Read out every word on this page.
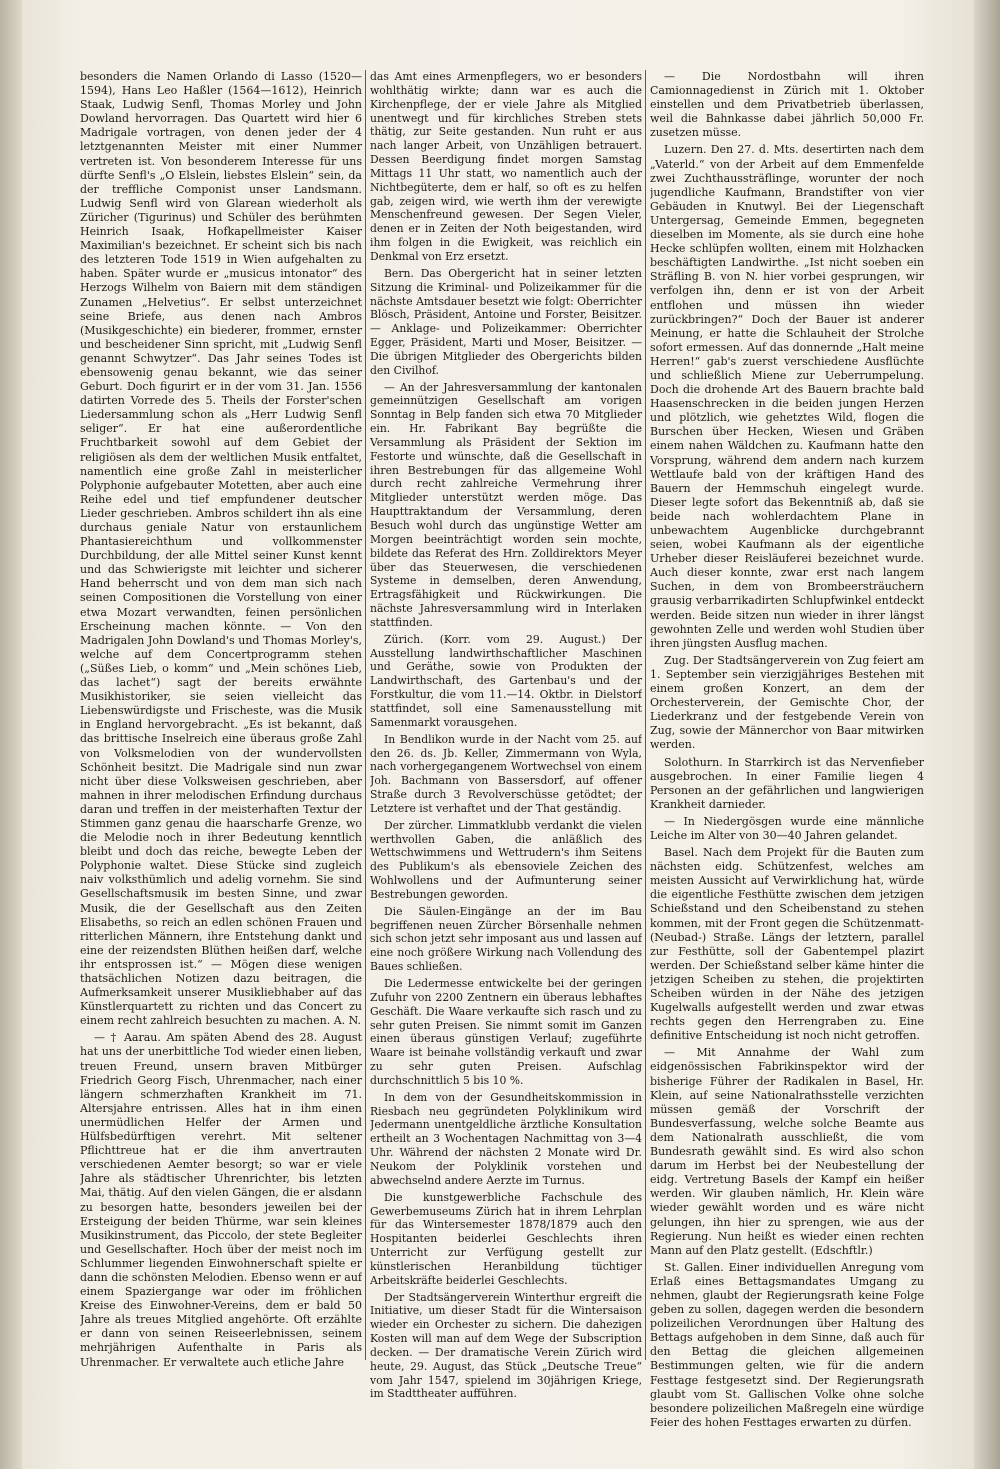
besonders die Namen Orlando di Lasso (1520—1594), Hans Leo Haßler (1564—1612), Heinrich Staak, Ludwig Senfl, Thomas Morley und John Dowland hervorragen. Das Quartett wird hier 6 Madrigale vortragen, von denen jeder der 4 letztgenannten Meister mit einer Nummer vertreten ist. Von besonderem Interesse für uns dürfte Senfl's „O Elslein, liebstes Elslein“ sein, da der treffliche Componist unser Landsmann. Ludwig Senfl wird von Glarean wiederholt als Züricher (Tigurinus) und Schüler des berühmten Heinrich Isaak, Hofkapellmeister Kaiser Maximilian's bezeichnet. Er scheint sich bis nach des letzteren Tode 1519 in Wien aufgehalten zu haben. Später wurde er „musicus intonator“ des Herzogs Wilhelm von Baiern mit dem ständigen Zunamen „Helvetius“. Er selbst unterzeichnet seine Briefe, aus denen nach Ambros (Musikgeschichte) ein biederer, frommer, ernster und bescheidener Sinn spricht, mit „Ludwig Senfl genannt Schwytzer“. Das Jahr seines Todes ist ebensowenig genau bekannt, wie das seiner Geburt. Doch figurirt er in der vom 31. Jan. 1556 datirten Vorrede des 5. Theils der Forster'schen Liedersammlung schon als „Herr Ludwig Senfl seliger“. Er hat eine außerordentliche Fruchtbarkeit sowohl auf dem Gebiet der religiösen als dem der weltlichen Musik entfaltet, namentlich eine große Zahl in meisterlicher Polyphonie aufgebauter Motetten, aber auch eine Reihe edel und tief empfundener deutscher Lieder geschrieben. Ambros schildert ihn als eine durchaus geniale Natur von erstaunlichem Phantasiereichthum und vollkommenster Durchbildung, der alle Mittel seiner Kunst kennt und das Schwierigste mit leichter und sicherer Hand beherrscht und von dem man sich nach seinen Compositionen die Vorstellung von einer etwa Mozart verwandten, feinen persönlichen Erscheinung machen könnte. — Von den Madrigalen John Dowland's und Thomas Morley's, welche auf dem Concertprogramm stehen („Süßes Lieb, o komm“ und „Mein schönes Lieb, das lachet“) sagt der bereits erwähnte Musikhistoriker, sie seien vielleicht das Liebenswürdigste und Frischeste, was die Musik in England hervorgebracht. „Es ist bekannt, daß das brittische Inselreich eine überaus große Zahl von Volksmelodien von der wundervollsten Schönheit besitzt. Die Madrigale sind nun zwar nicht über diese Volksweisen geschrieben, aber mahnen in ihrer melodischen Erfindung durchaus daran und treffen in der meisterhaften Textur der Stimmen ganz genau die haarscharfe Grenze, wo die Melodie noch in ihrer Bedeutung kenntlich bleibt und doch das reiche, bewegte Leben der Polyphonie waltet. Diese Stücke sind zugleich naiv volksthümlich und adelig vornehm. Sie sind Gesellschaftsmusik im besten Sinne, und zwar Musik, die der Gesellschaft aus den Zeiten Elisabeths, so reich an edlen schönen Frauen und ritterlichen Männern, ihre Entstehung dankt und eine der reizendsten Blüthen heißen darf, welche ihr entsprossen ist.“ — Mögen diese wenigen thatsächlichen Notizen dazu beitragen, die Aufmerksamkeit unserer Musikliebhaber auf das Künstlerquartett zu richten und das Concert zu einem recht zahlreich besuchten zu machen. A. N.

— † Aarau. Am späten Abend des 28. August hat uns der unerbittliche Tod wieder einen lieben, treuen Freund, unsern braven Mitbürger Friedrich Georg Fisch, Uhrenmacher, nach einer längern schmerzhaften Krankheit im 71. Altersjahre entrissen. Alles hat in ihm einen unermüdlichen Helfer der Armen und Hülfsbedürftigen verehrt. Mit seltener Pflichttreue hat er die ihm anvertrauten verschiedenen Aemter besorgt; so war er viele Jahre als städtischer Uhrenrichter, bis letzten Mai, thätig. Auf den vielen Gängen, die er alsdann zu besorgen hatte, besonders jeweilen bei der Ersteigung der beiden Thürme, war sein kleines Musikinstrument, das Piccolo, der stete Begleiter und Gesellschafter. Hoch über der meist noch im Schlummer liegenden Einwohnerschaft spielte er dann die schönsten Melodien. Ebenso wenn er auf einem Spaziergange war oder im fröhlichen Kreise des Einwohner-Vereins, dem er bald 50 Jahre als treues Mitglied angehörte. Oft erzählte er dann von seinen Reiseerlebnissen, seinem mehrjährigen Aufenthalte in Paris als Uhrenmacher. Er verwaltete auch etliche Jahre

das Amt eines Armenpflegers, wo er besonders wohlthätig wirkte; dann war es auch die Kirchenpflege, der er viele Jahre als Mitglied unentwegt und für kirchliches Streben stets thätig, zur Seite gestanden. Nun ruht er aus nach langer Arbeit, von Unzähligen betrauert. Dessen Beerdigung findet morgen Samstag Mittags 11 Uhr statt, wo namentlich auch der Nichtbegüterte, dem er half, so oft es zu helfen gab, zeigen wird, wie werth ihm der verewigte Menschenfreund gewesen. Der Segen Vieler, denen er in Zeiten der Noth beigestanden, wird ihm folgen in die Ewigkeit, was reichlich ein Denkmal von Erz ersetzt.

Bern. Das Obergericht hat in seiner letzten Sitzung die Kriminal- und Polizeikammer für die nächste Amtsdauer besetzt wie folgt: Oberrichter Blösch, Präsident, Antoine und Forster, Beisitzer. — Anklage- und Polizeikammer: Oberrichter Egger, Präsident, Marti und Moser, Beisitzer. — Die übrigen Mitglieder des Obergerichts bilden den Civilhof.

— An der Jahresversammlung der kantonalen gemeinnützigen Gesellschaft am vorigen Sonntag in Belp fanden sich etwa 70 Mitglieder ein. Hr. Fabrikant Bay begrüßte die Versammlung als Präsident der Sektion im Festorte und wünschte, daß die Gesellschaft in ihren Bestrebungen für das allgemeine Wohl durch recht zahlreiche Vermehrung ihrer Mitglieder unterstützt werden möge. Das Haupttraktandum der Versammlung, deren Besuch wohl durch das ungünstige Wetter am Morgen beeinträchtigt worden sein mochte, bildete das Referat des Hrn. Zolldirektors Meyer über das Steuerwesen, die verschiedenen Systeme in demselben, deren Anwendung, Ertragsfähigkeit und Rückwirkungen. Die nächste Jahresversammlung wird in Interlaken stattfinden.

Zürich. (Korr. vom 29. August.) Der Ausstellung landwirthschaftlicher Maschinen und Geräthe, sowie von Produkten der Landwirthschaft, des Gartenbau's und der Forstkultur, die vom 11.—14. Oktbr. in Dielstorf stattfindet, soll eine Samenausstellung mit Samenmarkt vorausgehen.

In Bendlikon wurde in der Nacht vom 25. auf den 26. ds. Jb. Keller, Zimmermann von Wyla, nach vorhergegangenem Wortwechsel von einem Joh. Bachmann von Bassersdorf, auf offener Straße durch 3 Revolverschüsse getödtet; der Letztere ist verhaftet und der That geständig.

Der zürcher. Limmatklubb verdankt die vielen werthvollen Gaben, die anläßlich des Wettschwimmens und Wettrudern's ihm Seitens des Publikum's als ebensoviele Zeichen des Wohlwollens und der Aufmunterung seiner Bestrebungen geworden.

Die Säulen-Eingänge an der im Bau begriffenen neuen Zürcher Börsenhalle nehmen sich schon jetzt sehr imposant aus und lassen auf eine noch größere Wirkung nach Vollendung des Baues schließen.

Die Ledermesse entwickelte bei der geringen Zufuhr von 2200 Zentnern ein überaus lebhaftes Geschäft. Die Waare verkaufte sich rasch und zu sehr guten Preisen. Sie nimmt somit im Ganzen einen überaus günstigen Verlauf; zugeführte Waare ist beinahe vollständig verkauft und zwar zu sehr guten Preisen. Aufschlag durchschnittlich 5 bis 10 %.

In dem von der Gesundheitskommission in Riesbach neu gegründeten Polyklinikum wird Jedermann unentgeldliche ärztliche Konsultation ertheilt an 3 Wochentagen Nachmittag von 3—4 Uhr. Während der nächsten 2 Monate wird Dr. Neukom der Polyklinik vorstehen und abwechselnd andere Aerzte im Turnus.

Die kunstgewerbliche Fachschule des Gewerbemuseums Zürich hat in ihrem Lehrplan für das Wintersemester 1878/1879 auch den Hospitanten beiderlei Geschlechts ihren Unterricht zur Verfügung gestellt zur künstlerischen Heranbildung tüchtiger Arbeitskräfte beiderlei Geschlechts.

Der Stadtsängerverein Winterthur ergreift die Initiative, um dieser Stadt für die Wintersaison wieder ein Orchester zu sichern. Die dahezigen Kosten will man auf dem Wege der Subscription decken. — Der dramatische Verein Zürich wird heute, 29. August, das Stück „Deutsche Treue“ vom Jahr 1547, spielend im 30jährigen Kriege, im Stadttheater aufführen.

— Die Nordostbahn will ihren Camionnagedienst in Zürich mit 1. Oktober einstellen und dem Privatbetrieb überlassen, weil die Bahnkasse dabei jährlich 50,000 Fr. zusetzen müsse.

Luzern. Den 27. d. Mts. desertirten nach dem „Vaterld.“ von der Arbeit auf dem Emmenfelde zwei Zuchthaussträflinge, worunter der noch jugendliche Kaufmann, Brandstifter von vier Gebäuden in Knutwyl. Bei der Liegenschaft Untergersag, Gemeinde Emmen, begegneten dieselben im Momente, als sie durch eine hohe Hecke schlüpfen wollten, einem mit Holzhacken beschäftigten Landwirthe. „Ist nicht soeben ein Sträfling B. von N. hier vorbei gesprungen, wir verfolgen ihn, denn er ist von der Arbeit entflohen und müssen ihn wieder zurückbringen?“ Doch der Bauer ist anderer Meinung, er hatte die Schlauheit der Strolche sofort ermessen. Auf das donnernde „Halt meine Herren!“ gab's zuerst verschiedene Ausflüchte und schließlich Miene zur Ueberrumpelung. Doch die drohende Art des Bauern brachte bald Haasenschrecken in die beiden jungen Herzen und plötzlich, wie gehetztes Wild, flogen die Burschen über Hecken, Wiesen und Gräben einem nahen Wäldchen zu. Kaufmann hatte den Vorsprung, während dem andern nach kurzem Wettlaufe bald von der kräftigen Hand des Bauern der Hemmschuh eingelegt wurde. Dieser legte sofort das Bekenntniß ab, daß sie beide nach wohlerdachtem Plane in unbewachtem Augenblicke durchgebrannt seien, wobei Kaufmann als der eigentliche Urheber dieser Reisläuferei bezeichnet wurde. Auch dieser konnte, zwar erst nach langem Suchen, in dem von Brombeersträuchern grausig verbarrikadirten Schlupfwinkel entdeckt werden. Beide sitzen nun wieder in ihrer längst gewohnten Zelle und werden wohl Studien über ihren jüngsten Ausflug machen.

Zug. Der Stadtsängerverein von Zug feiert am 1. September sein vierzigjähriges Bestehen mit einem großen Konzert, an dem der Orchesterverein, der Gemischte Chor, der Liederkranz und der festgebende Verein von Zug, sowie der Männerchor von Baar mitwirken werden.

Solothurn. In Starrkirch ist das Nervenfieber ausgebrochen. In einer Familie liegen 4 Personen an der gefährlichen und langwierigen Krankheit darnieder.

— In Niedergösgen wurde eine männliche Leiche im Alter von 30—40 Jahren gelandet.

Basel. Nach dem Projekt für die Bauten zum nächsten eidg. Schützenfest, welches am meisten Aussicht auf Verwirklichung hat, würde die eigentliche Festhütte zwischen dem jetzigen Schießstand und den Scheibenstand zu stehen kommen, mit der Front gegen die Schützenmatt- (Neubad-) Straße. Längs der letztern, parallel zur Festhütte, soll der Gabentempel plazirt werden. Der Schießstand selber käme hinter die jetzigen Scheiben zu stehen, die projektirten Scheiben würden in der Nähe des jetzigen Kugelwalls aufgestellt werden und zwar etwas rechts gegen den Herrengraben zu. Eine definitive Entscheidung ist noch nicht getroffen.

— Mit Annahme der Wahl zum eidgenössischen Fabrikinspektor wird der bisherige Führer der Radikalen in Basel, Hr. Klein, auf seine Nationalrathsstelle verzichten müssen gemäß der Vorschrift der Bundesverfassung, welche solche Beamte aus dem Nationalrath ausschließt, die vom Bundesrath gewählt sind. Es wird also schon darum im Herbst bei der Neubestellung der eidg. Vertretung Basels der Kampf ein heißer werden. Wir glauben nämlich, Hr. Klein wäre wieder gewählt worden und es wäre nicht gelungen, ihn hier zu sprengen, wie aus der Regierung. Nun heißt es wieder einen rechten Mann auf den Platz gestellt. (Edschftlr.)

St. Gallen. Einer individuellen Anregung vom Erlaß eines Bettagsmandates Umgang zu nehmen, glaubt der Regierungsrath keine Folge geben zu sollen, dagegen werden die besondern polizeilichen Verordnungen über Haltung des Bettags aufgehoben in dem Sinne, daß auch für den Bettag die gleichen allgemeinen Bestimmungen gelten, wie für die andern Festtage festgesetzt sind. Der Regierungsrath glaubt vom St. Gallischen Volke ohne solche besondere polizeilichen Maßregeln eine würdige Feier des hohen Festtages erwarten zu dürfen.
